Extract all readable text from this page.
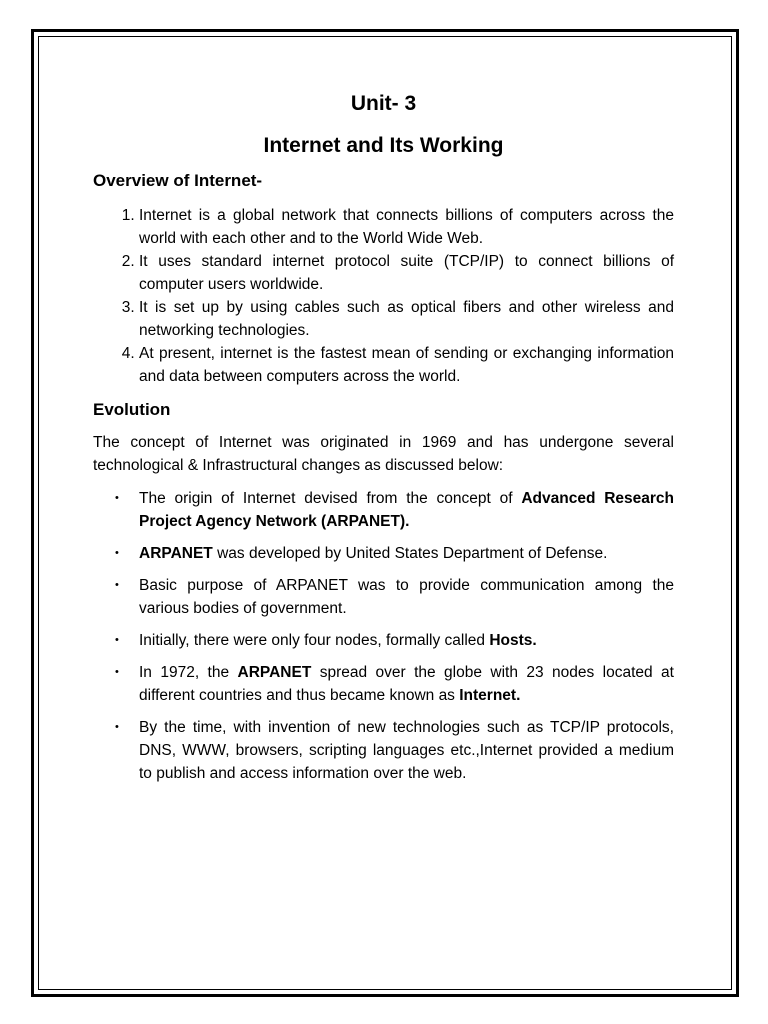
Unit- 3
Internet and Its Working
Overview of Internet-
1. Internet is a global network that connects billions of computers across the world with each other and to the World Wide Web.
2. It uses standard internet protocol suite (TCP/IP) to connect billions of computer users worldwide.
3. It is set up by using cables such as optical fibers and other wireless and networking technologies.
4. At present, internet is the fastest mean of sending or exchanging information and data between computers across the world.
Evolution

The concept of Internet was originated in 1969 and has undergone several technological & Infrastructural changes as discussed below:

• The origin of Internet devised from the concept of Advanced Research Project Agency Network (ARPANET).
• ARPANET was developed by United States Department of Defense.
• Basic purpose of ARPANET was to provide communication among the various bodies of government.
• Initially, there were only four nodes, formally called Hosts.
• In 1972, the ARPANET spread over the globe with 23 nodes located at different countries and thus became known as Internet.
• By the time, with invention of new technologies such as TCP/IP protocols, DNS, WWW, browsers, scripting languages etc.,Internet provided a medium to publish and access information over the web.
